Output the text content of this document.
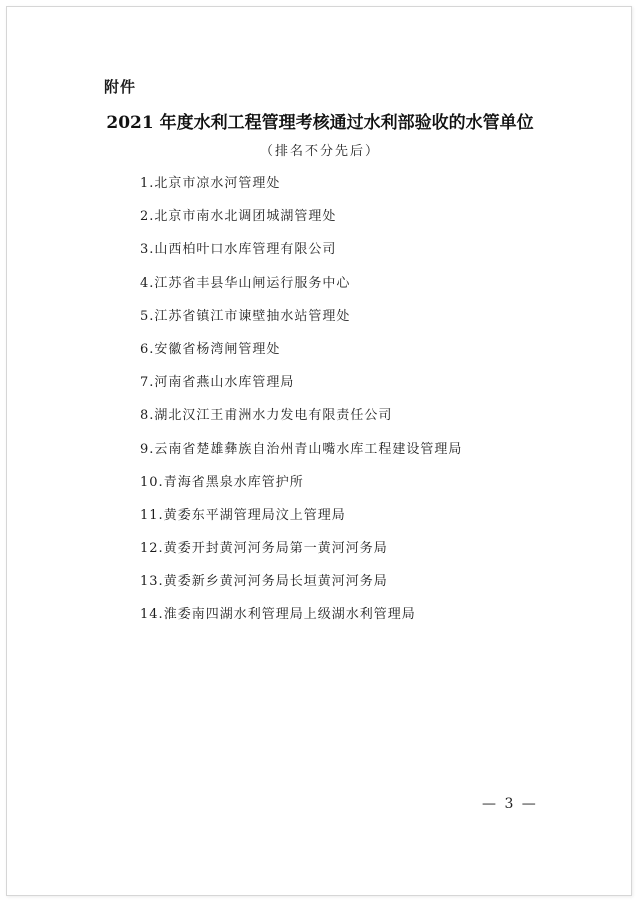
附件
2021 年度水利工程管理考核通过水利部验收的水管单位
（排名不分先后）
1.北京市凉水河管理处
2.北京市南水北调团城湖管理处
3.山西柏叶口水库管理有限公司
4.江苏省丰县华山闸运行服务中心
5.江苏省镇江市谏壁抽水站管理处
6.安徽省杨湾闸管理处
7.河南省燕山水库管理局
8.湖北汉江王甫洲水力发电有限责任公司
9.云南省楚雄彝族自治州青山嘴水库工程建设管理局
10.青海省黑泉水库管护所
11.黄委东平湖管理局汶上管理局
12.黄委开封黄河河务局第一黄河河务局
13.黄委新乡黄河河务局长垣黄河河务局
14.淮委南四湖水利管理局上级湖水利管理局
— 3 —
